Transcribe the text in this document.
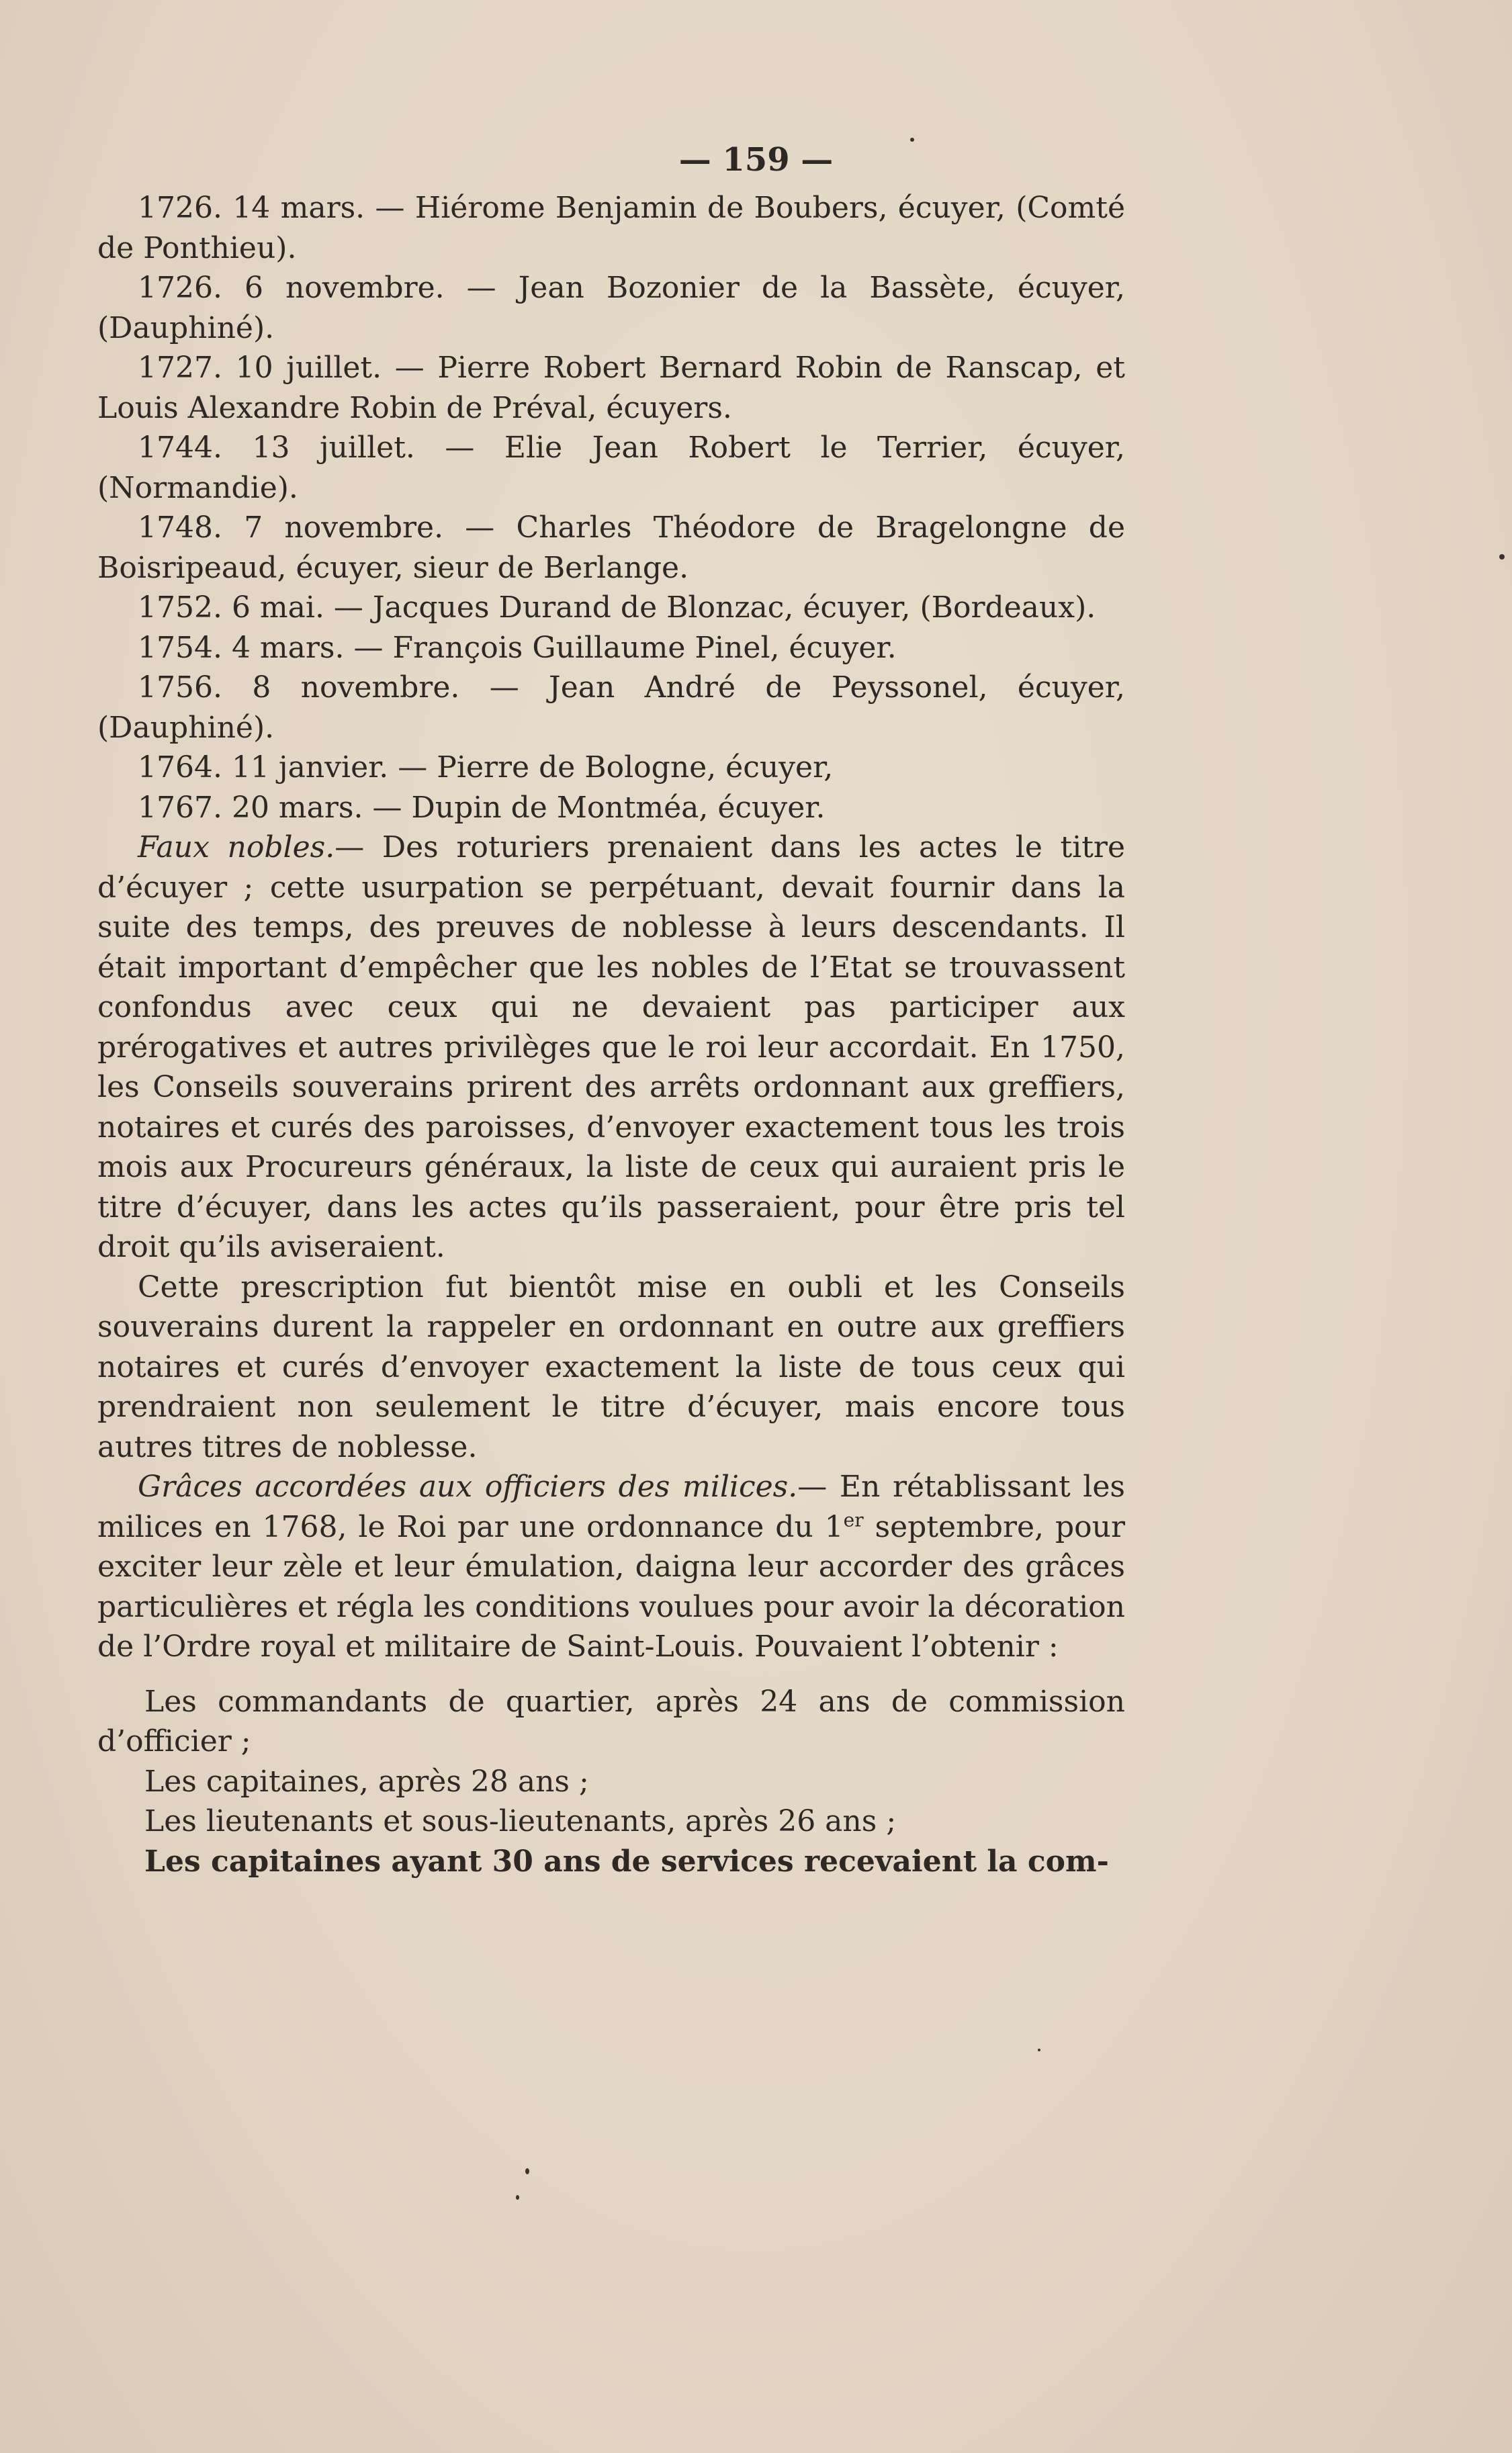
— 159 —

1726. 14 mars. — Hiérome Benjamin de Boubers, écuyer, (Comté de Ponthieu).

1726. 6 novembre. — Jean Bozonier de la Bassète, écuyer, (Dauphiné).

1727. 10 juillet. — Pierre Robert Bernard Robin de Ranscap, et Louis Alexandre Robin de Préval, écuyers.

1744. 13 juillet. — Elie Jean Robert le Terrier, écuyer, (Normandie).

1748. 7 novembre. — Charles Théodore de Bragelongne de Boisripeaud, écuyer, sieur de Berlange.

1752. 6 mai. — Jacques Durand de Blonzac, écuyer, (Bordeaux).

1754. 4 mars. — François Guillaume Pinel, écuyer.

1756. 8 novembre. — Jean André de Peyssonel, écuyer, (Dauphiné).

1764. 11 janvier. — Pierre de Bologne, écuyer,

1767. 20 mars. — Dupin de Montméa, écuyer.

Faux nobles.— Des roturiers prenaient dans les actes le titre d’écuyer ; cette usurpation se perpétuant, devait fournir dans la suite des temps, des preuves de noblesse à leurs descendants. Il était important d’empêcher que les nobles de l’Etat se trouvassent confondus avec ceux qui ne devaient pas participer aux prérogatives et autres privilèges que le roi leur accordait. En 1750, les Conseils souverains prirent des arrêts ordonnant aux greffiers, notaires et curés des paroisses, d’envoyer exactement tous les trois mois aux Procureurs généraux, la liste de ceux qui auraient pris le titre d’écuyer, dans les actes qu’ils passeraient, pour être pris tel droit qu’ils aviseraient.

Cette prescription fut bientôt mise en oubli et les Conseils souverains durent la rappeler en ordonnant en outre aux greffiers notaires et curés d’envoyer exactement la liste de tous ceux qui prendraient non seulement le titre d’écuyer, mais encore tous autres titres de noblesse.

Grâces accordées aux officiers des milices.— En rétablissant les milices en 1768, le Roi par une ordonnance du 1er septembre, pour exciter leur zèle et leur émulation, daigna leur accorder des grâces particulières et régla les conditions voulues pour avoir la décoration de l’Ordre royal et militaire de Saint-Louis. Pouvaient l’obtenir :

Les commandants de quartier, après 24 ans de commission d’officier ;

Les capitaines, après 28 ans ;

Les lieutenants et sous-lieutenants, après 26 ans ;

Les capitaines ayant 30 ans de services recevaient la com-
